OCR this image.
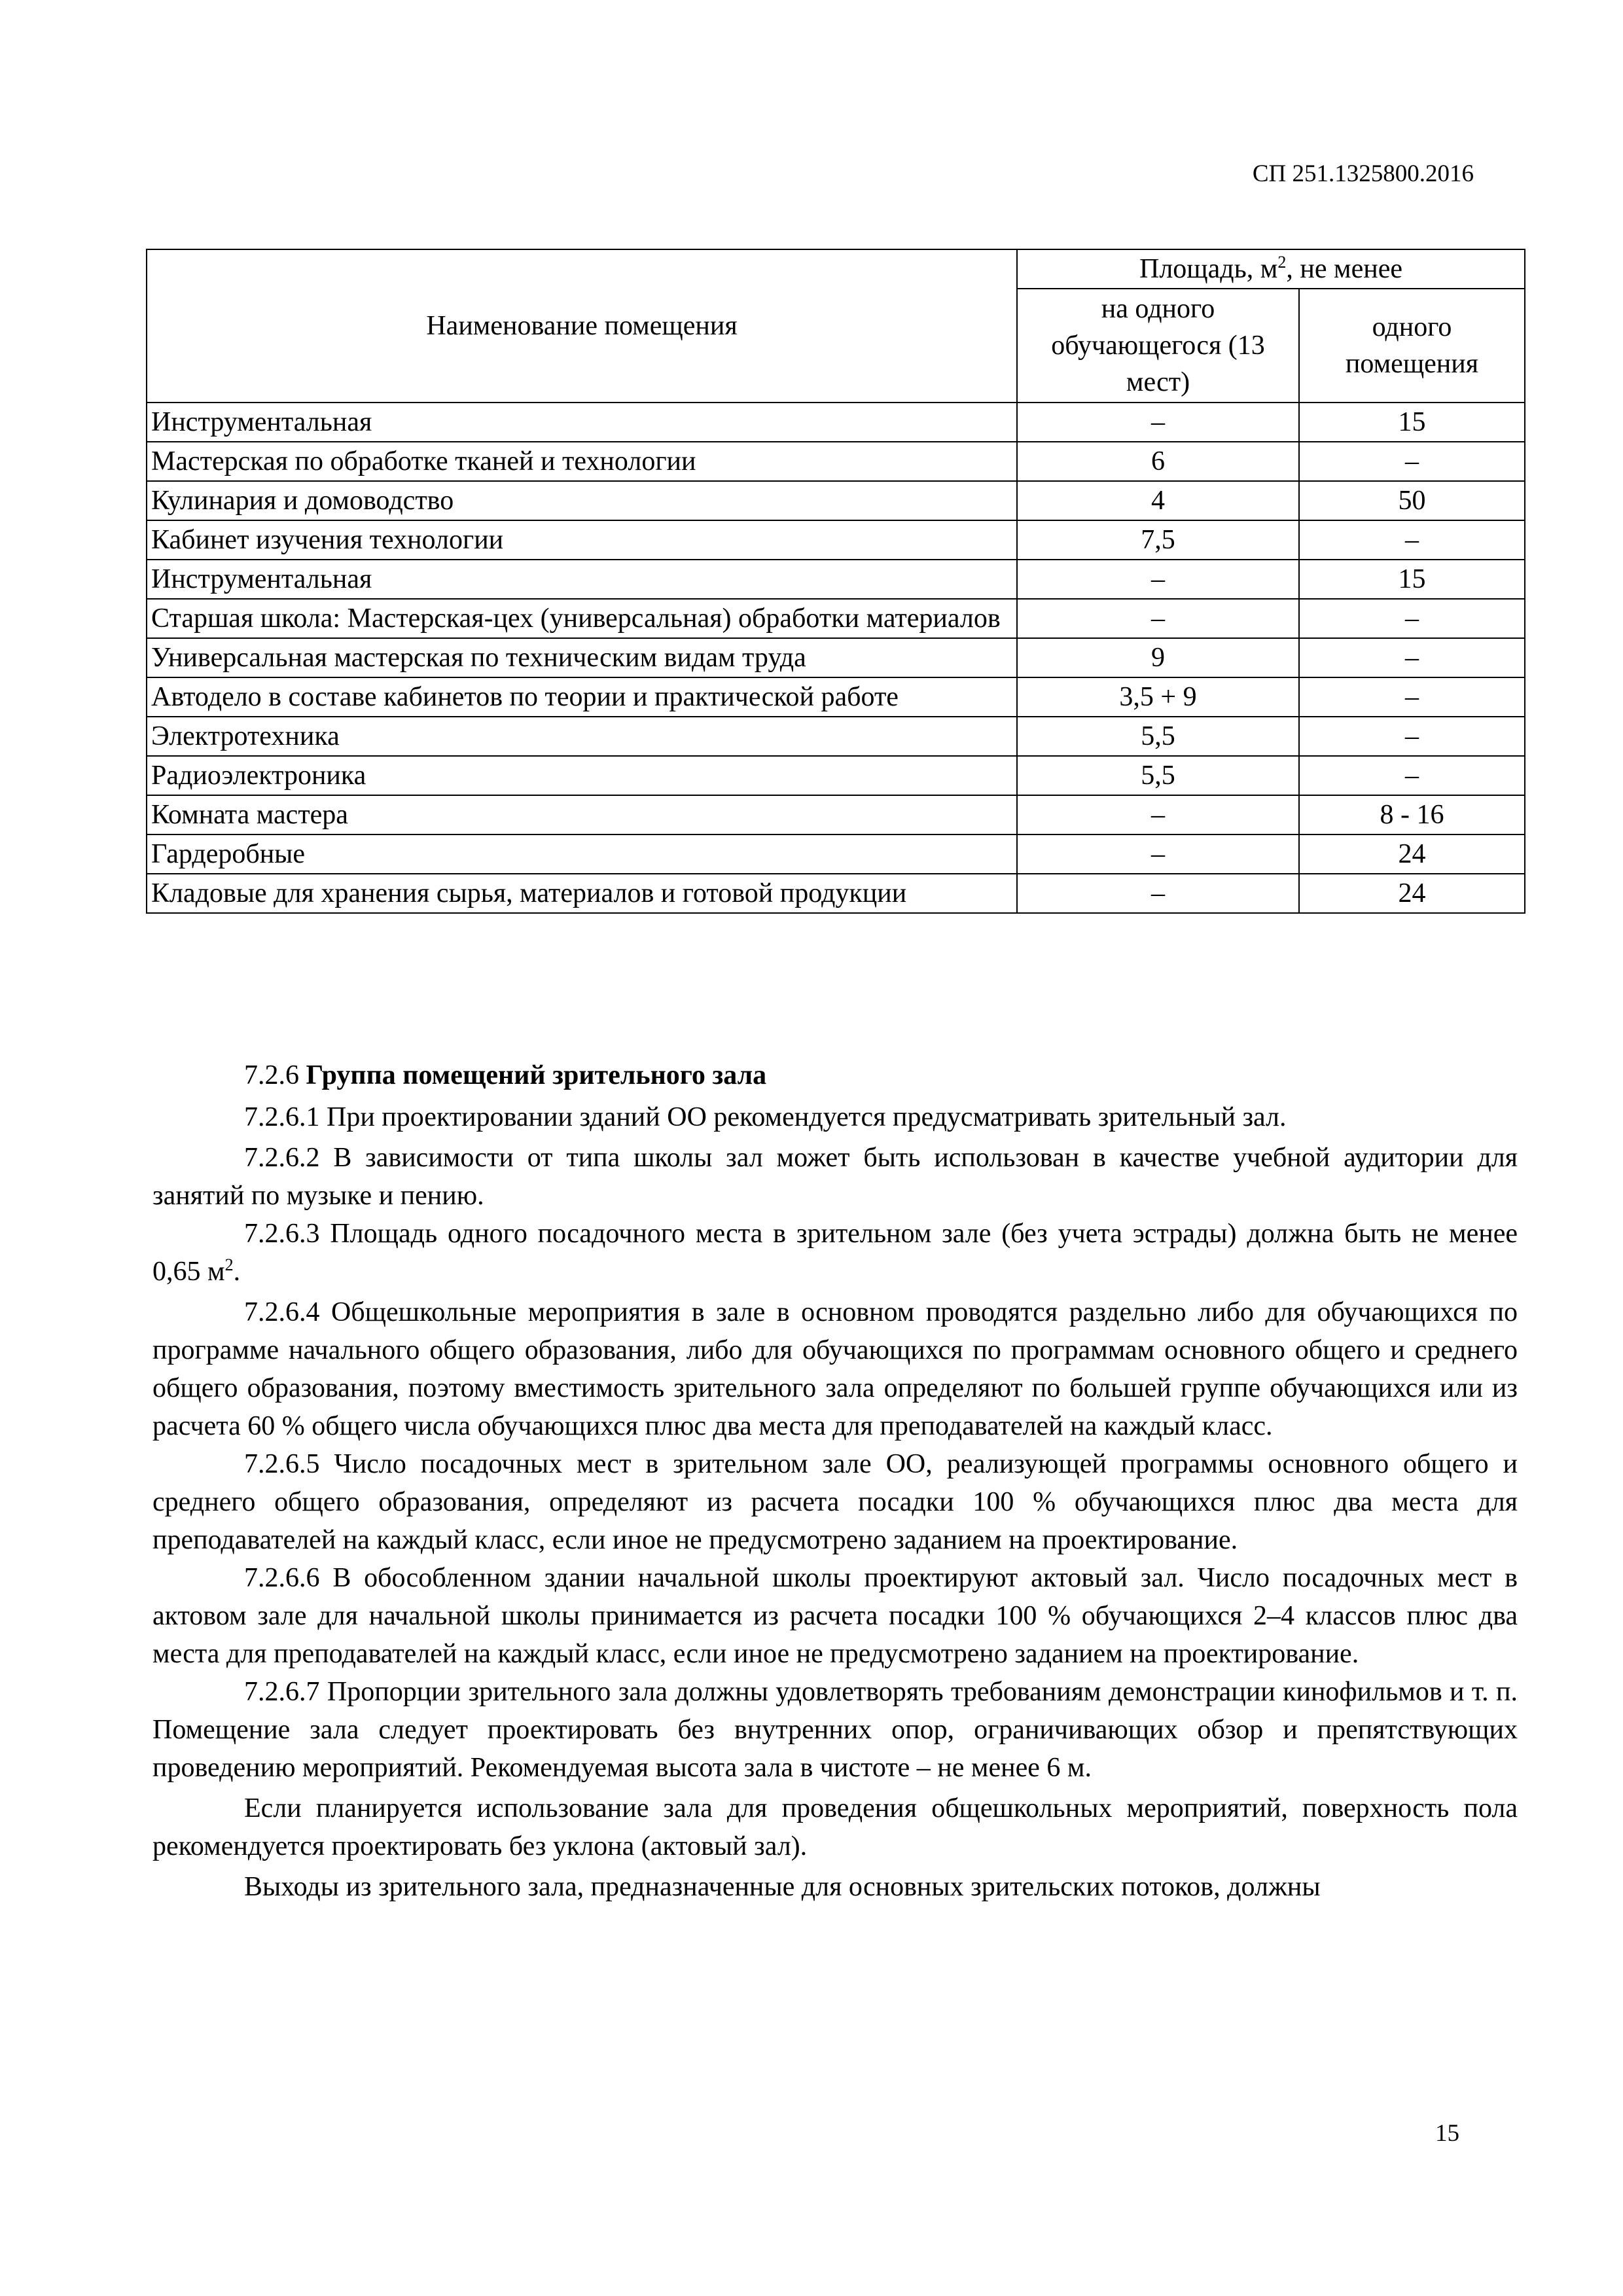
СП 251.1325800.2016
Наименование помещения	Площадь, $м^2$, не менее	
	на одного обучающегося (13 мест)	одного помещения
Инструментальная	–	15
Мастерская по обработке тканей и технологии	6	–
Кулинария и домоводство	4	50
Кабинет изучения технологии	7,5	–
Инструментальная	–	15
Старшая школа: Мастерская-цех (универсальная) обработки материалов	–	–
Универсальная мастерская по техническим видам труда	9	–
Автодело в составе кабинетов по теории и практической работе	3,5 + 9	–
Электротехника	5,5	–
Радиоэлектроника	5,5	–
Комната мастера	–	8 - 16
Гардеробные	–	24
Кладовые для хранения сырья, материалов и готовой продукции	–	24

7.2.6 Группа помещений зрительного зала

7.2.6.1 При проектировании зданий ОО рекомендуется предусматривать зрительный зал.

7.2.6.2 В зависимости от типа школы зал может быть использован в качестве учебной аудитории для занятий по музыке и пению.

7.2.6.3 Площадь одного посадочного места в зрительном зале (без учета эстрады) должна быть не менее 0,65 $м^2$.

7.2.6.4 Общешкольные мероприятия в зале в основном проводятся раздельно либо для обучающихся по программе начального общего образования, либо для обучающихся по программам основного общего и среднего общего образования, поэтому вместимость зрительного зала определяют по большей группе обучающихся или из расчета 60 % общего числа обучающихся плюс два места для преподавателей на каждый класс.

7.2.6.5 Число посадочных мест в зрительном зале ОО, реализующей программы основного общего и среднего общего образования, определяют из расчета посадки 100 % обучающихся плюс два места для преподавателей на каждый класс, если иное не предусмотрено заданием на проектирование.

7.2.6.6 В обособленном здании начальной школы проектируют актовый зал. Число посадочных мест в актовом зале для начальной школы принимается из расчета посадки 100 % обучающихся 2–4 классов плюс два места для преподавателей на каждый класс, если иное не предусмотрено заданием на проектирование.

7.2.6.7 Пропорции зрительного зала должны удовлетворять требованиям демонстрации кинофильмов и т. п. Помещение зала следует проектировать без внутренних опор, ограничивающих обзор и препятствующих проведению мероприятий. Рекомендуемая высота зала в чистоте – не менее 6 м.

Если планируется использование зала для проведения общешкольных мероприятий, поверхность пола рекомендуется проектировать без уклона (актовый зал).

Выходы из зрительного зала, предназначенные для основных зрительских потоков, должны

15
